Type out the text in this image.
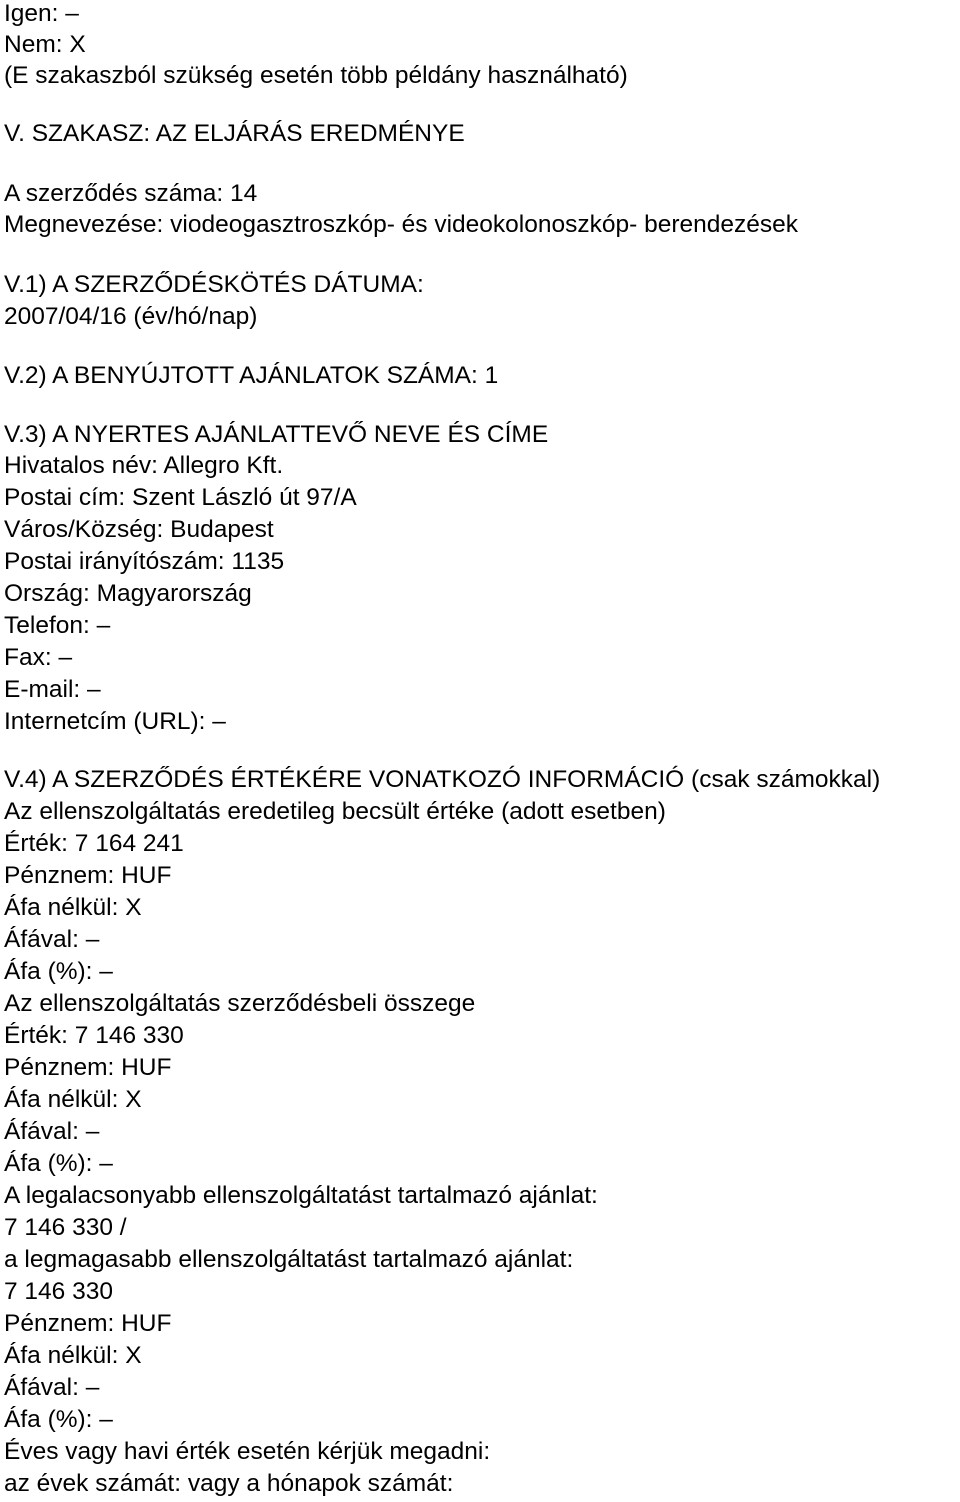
Igen: –

Nem: X

(E szakaszból szükség esetén több példány használható)

V. SZAKASZ: AZ ELJÁRÁS EREDMÉNYE

A szerződés száma: 14

Megnevezése: viodeogasztroszkóp- és videokolonoszkóp- berendezések

V.1) A SZERZŐDÉSKÖTÉS DÁTUMA:

2007/04/16 (év/hó/nap)

V.2) A BENYÚJTOTT AJÁNLATOK SZÁMA: 1

V.3) A NYERTES AJÁNLATTEVŐ NEVE ÉS CÍME

Hivatalos név: Allegro Kft.

Postai cím: Szent László út 97/A

Város/Község: Budapest

Postai irányítószám: 1135

Ország: Magyarország

Telefon: –

Fax: –

E-mail: –

Internetcím (URL): –

V.4) A SZERZŐDÉS ÉRTÉKÉRE VONATKOZÓ INFORMÁCIÓ (csak számokkal)

Az ellenszolgáltatás eredetileg becsült értéke (adott esetben)

Érték: 7 164 241

Pénznem: HUF

Áfa nélkül: X

Áfával: –

Áfa (%): –

Az ellenszolgáltatás szerződésbeli összege

Érték: 7 146 330

Pénznem: HUF

Áfa nélkül: X

Áfával: –

Áfa (%): –

A legalacsonyabb ellenszolgáltatást tartalmazó ajánlat:

7 146 330 /

a legmagasabb ellenszolgáltatást tartalmazó ajánlat:

7 146 330

Pénznem: HUF

Áfa nélkül: X

Áfával: –

Áfa (%): –

Éves vagy havi érték esetén kérjük megadni:

az évek számát: vagy a hónapok számát:
